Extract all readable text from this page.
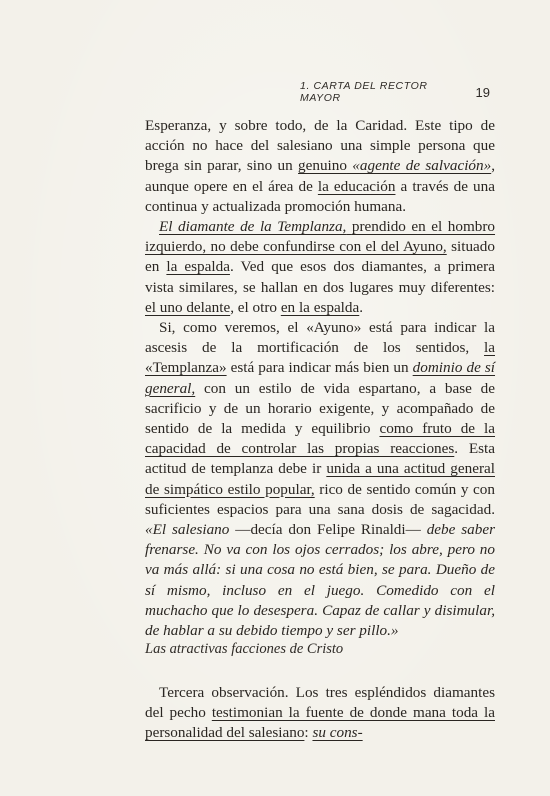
1. CARTA DEL RECTOR MAYOR	19

Esperanza, y sobre todo, de la Caridad. Este tipo de acción no hace del salesiano una simple persona que brega sin parar, sino un genuino «agente de salvación», aunque opere en el área de la educación a través de una continua y actualizada promoción humana.

El diamante de la Templanza, prendido en el hombro izquierdo, no debe confundirse con el del Ayuno, situado en la espalda. Ved que esos dos diamantes, a primera vista similares, se hallan en dos lugares muy diferentes: el uno delante, el otro en la espalda.

Si, como veremos, el «Ayuno» está para indicar la ascesis de la mortificación de los sentidos, la «Templanza» está para indicar más bien un dominio de sí general, con un estilo de vida espartano, a base de sacrificio y de un horario exigente, y acompañado de sentido de la medida y equilibrio como fruto de la capacidad de controlar las propias reacciones. Esta actitud de templanza debe ir unida a una actitud general de simpático estilo popular, rico de sentido común y con suficientes espacios para una sana dosis de sagacidad. «El salesiano —decía don Felipe Rinaldi— debe saber frenarse. No va con los ojos cerrados; los abre, pero no va más allá: si una cosa no está bien, se para. Dueño de sí mismo, incluso en el juego. Comedido con el muchacho que lo desespera. Capaz de callar y disimular, de hablar a su debido tiempo y ser pillo.»

Las atractivas facciones de Cristo

Tercera observación. Los tres espléndidos diamantes del pecho testimonian la fuente de donde mana toda la personalidad del salesiano: su cons-
